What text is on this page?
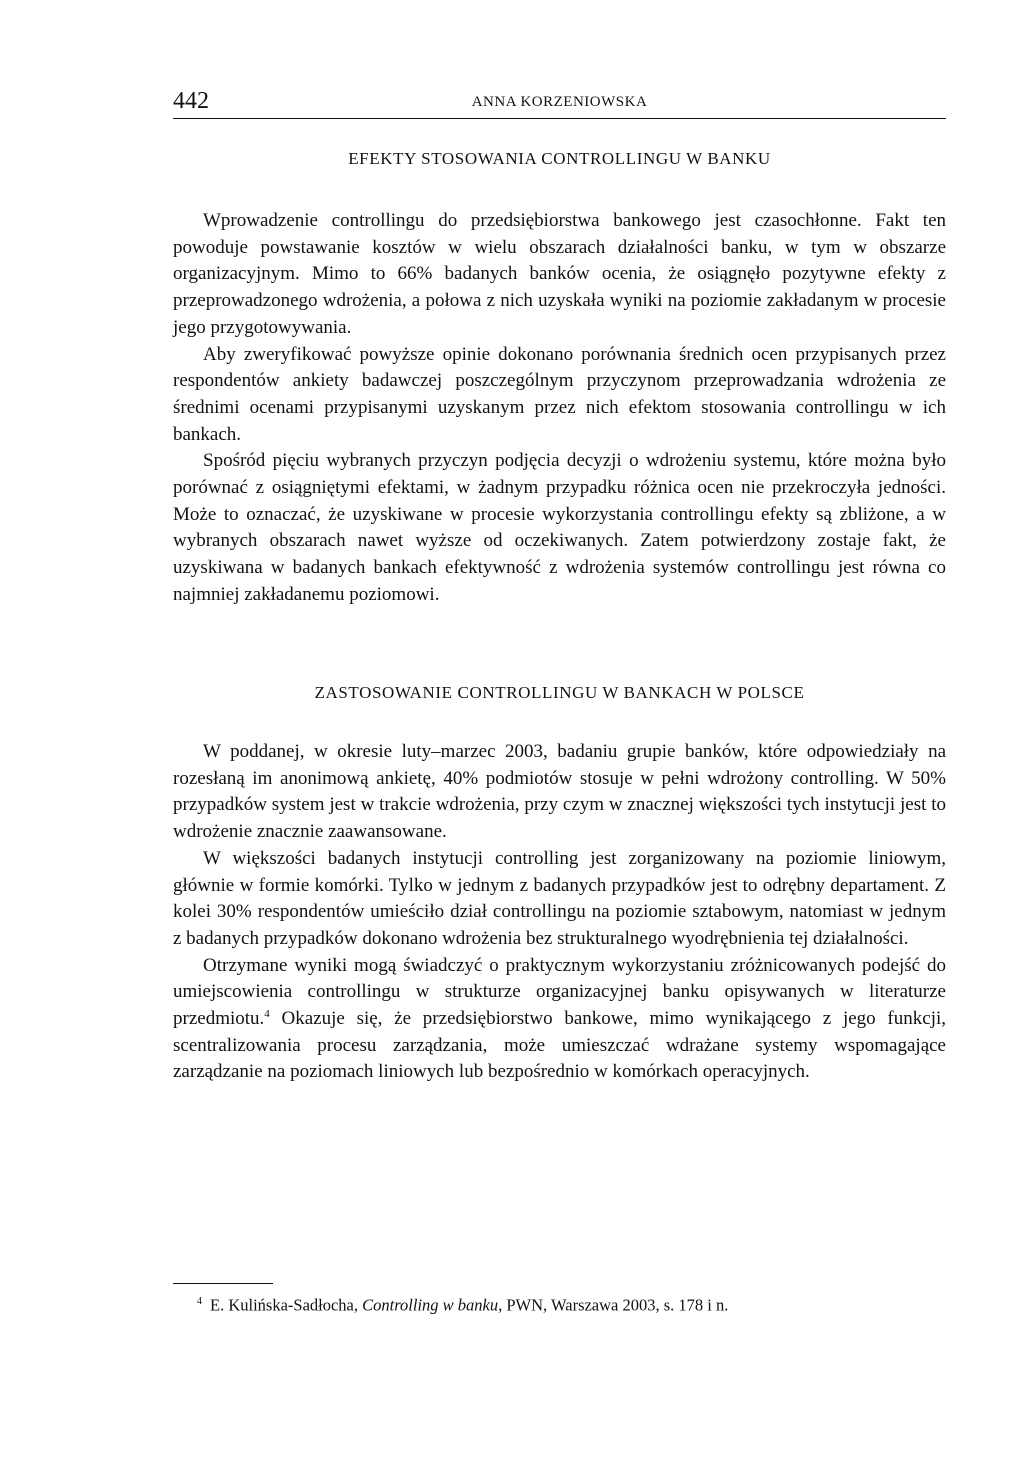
442	ANNA KORZENIOWSKA
EFEKTY STOSOWANIA CONTROLLINGU W BANKU

Wprowadzenie controllingu do przedsiębiorstwa bankowego jest czasochłonne. Fakt ten powoduje powstawanie kosztów w wielu obszarach działalności banku, w tym w obszarze organizacyjnym. Mimo to 66% badanych banków ocenia, że osiągnęło pozytywne efekty z przeprowadzonego wdrożenia, a połowa z nich uzyskała wyniki na poziomie zakładanym w procesie jego przygotowywania.

Aby zweryfikować powyższe opinie dokonano porównania średnich ocen przypisanych przez respondentów ankiety badawczej poszczególnym przyczynom przeprowadzania wdrożenia ze średnimi ocenami przypisanymi uzyskanym przez nich efektom stosowania controllingu w ich bankach.

Spośród pięciu wybranych przyczyn podjęcia decyzji o wdrożeniu systemu, które można było porównać z osiągniętymi efektami, w żadnym przypadku różnica ocen nie przekroczyła jedności. Może to oznaczać, że uzyskiwane w procesie wykorzystania controllingu efekty są zbliżone, a w wybranych obszarach nawet wyższe od oczekiwanych. Zatem potwierdzony zostaje fakt, że uzyskiwana w badanych bankach efektywność z wdrożenia systemów controllingu jest równa co najmniej zakładanemu poziomowi.

ZASTOSOWANIE CONTROLLINGU W BANKACH W POLSCE

W poddanej, w okresie luty–marzec 2003, badaniu grupie banków, które odpowiedziały na rozesłaną im anonimową ankietę, 40% podmiotów stosuje w pełni wdrożony controlling. W 50% przypadków system jest w trakcie wdrożenia, przy czym w znacznej większości tych instytucji jest to wdrożenie znacznie zaawansowane.

W większości badanych instytucji controlling jest zorganizowany na poziomie liniowym, głównie w formie komórki. Tylko w jednym z badanych przypadków jest to odrębny departament. Z kolei 30% respondentów umieściło dział controllingu na poziomie sztabowym, natomiast w jednym z badanych przypadków dokonano wdrożenia bez strukturalnego wyodrębnienia tej działalności.

Otrzymane wyniki mogą świadczyć o praktycznym wykorzystaniu zróżnicowanych podejść do umiejscowienia controllingu w strukturze organizacyjnej banku opisywanych w literaturze przedmiotu.$^4$ Okazuje się, że przedsiębiorstwo bankowe, mimo wynikającego z jego funkcji, scentralizowania procesu zarządzania, może umieszczać wdrażane systemy wspomagające zarządzanie na poziomach liniowych lub bezpośrednio w komórkach operacyjnych.

$^4$ E. Kulińska-Sadłocha, Controlling w banku, PWN, Warszawa 2003, s. 178 i n.
